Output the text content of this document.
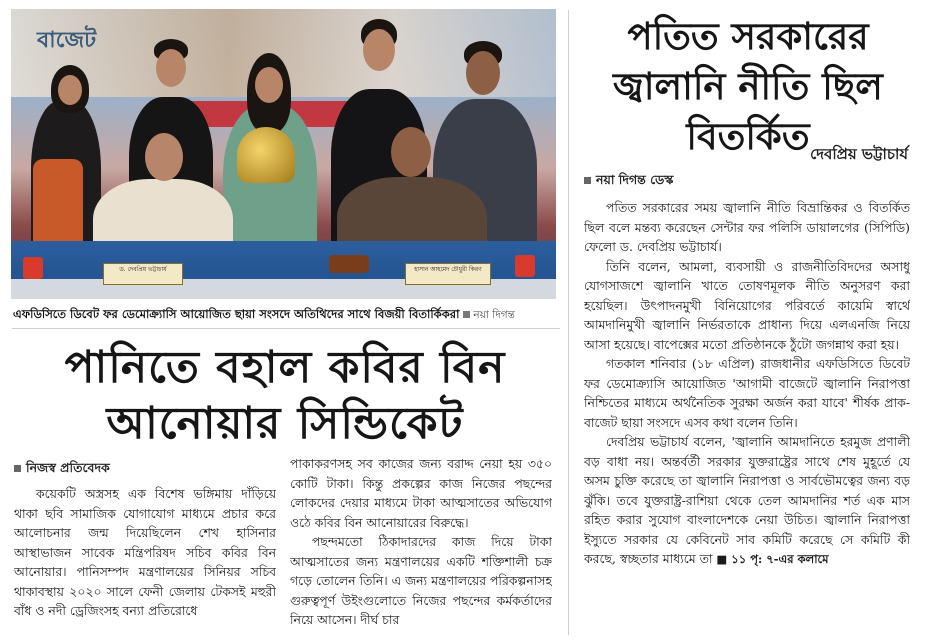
বাজেট
ড. দেবপ্রিয় ভট্টাচার্য	হাসান আহমেদ চৌধুরী কিরণ
এফডিসিতে ডিবেট ফর ডেমোক্র্যাসি আয়োজিত ছায়া সংসদে অতিথিদের সাথে বিজয়ী বিতার্কিকরা নয়া দিগন্ত
পানিতে বহাল কবির বিন
আনোয়ার সিন্ডিকেট
নিজস্ব প্রতিবেদক

কয়েকটি অস্ত্রসহ এক বিশেষ ভঙ্গিমায় দাঁড়িয়ে থাকা ছবি সামাজিক যোগাযোগ মাধ্যমে প্রচার করে আলোচনার জন্ম দিয়েছিলেন শেখ হাসিনার আস্থাভাজন সাবেক মন্ত্রিপরিষদ সচিব কবির বিন আনোয়ার। পানিসম্পদ মন্ত্রণালয়ের সিনিয়র সচিব থাকাবস্থায় ২০২০ সালে ফেনী জেলায় টেকসই মহুরী বাঁধ ও নদী ড্রেজিংসহ বন্যা প্রতিরোধে

পাকাকরণসহ সব কাজের জন্য বরাদ্দ নেয়া হয় ৩৫০ কোটি টাকা। কিন্তু প্রকল্পের কাজ নিজের পছন্দের লোকদের দেয়ার মাধ্যমে টাকা আত্মসাতের অভিযোগ ওঠে কবির বিন আনোয়ারের বিরুদ্ধে।

পছন্দমতো ঠিকাদারদের কাজ দিয়ে টাকা আত্মসাতের জন্য মন্ত্রণালয়ের একটি শক্তিশালী চক্র গড়ে তোলেন তিনি। এ জন্য মন্ত্রণালয়ের পরিকল্পনাসহ গুরুত্বপূর্ণ উইংগুলোতে নিজের পছন্দের কর্মকর্তাদের নিয়ে আসেন। দীর্ঘ চার

পতিত সরকারের
জ্বালানি নীতি ছিল
বিতর্কিত দেবপ্রিয় ভট্টাচার্য
নয়া দিগন্ত ডেস্ক

পতিত সরকারের সময় জ্বালানি নীতি বিভ্রান্তিকর ও বিতর্কিত ছিল বলে মন্তব্য করেছেন সেন্টার ফর পলিসি ডায়ালগের (সিপিডি) ফেলো ড. দেবপ্রিয় ভট্টাচার্য।

তিনি বলেন, আমলা, ব্যবসায়ী ও রাজনীতিবিদদের অসাধু যোগসাজশে জ্বালানি খাতে তোষণমূলক নীতি অনুসরণ করা হয়েছিল। উৎপাদনমুখী বিনিয়োগের পরিবর্তে কায়েমি স্বার্থে আমদানিমুখী জ্বালানি নির্ভরতাকে প্রাধান্য দিয়ে এলএনজি নিয়ে আসা হয়েছে। বাপেক্সের মতো প্রতিষ্ঠানকে ঠুঁটো জগন্নাথ করা হয়।

গতকাল শনিবার (১৮ এপ্রিল) রাজধানীর এফডিসিতে ডিবেট ফর ডেমোক্র্যাসি আয়োজিত 'আগামী বাজেটে জ্বালানি নিরাপত্তা নিশ্চিতের মাধ্যমে অর্থনৈতিক সুরক্ষা অর্জন করা যাবে' শীর্ষক প্রাক-বাজেট ছায়া সংসদে এসব কথা বলেন তিনি।

দেবপ্রিয় ভট্টাচার্য বলেন, 'জ্বালানি আমদানিতে হরমুজ প্রণালী বড় বাধা নয়। অন্তর্বর্তী সরকার যুক্তরাষ্ট্রের সাথে শেষ মুহূর্তে যে অসম চুক্তি করেছে তা জ্বালানি নিরাপত্তা ও সার্বভৌমত্বের জন্য বড় ঝুঁকি। তবে যুক্তরাষ্ট্র-রাশিয়া থেকে তেল আমদানির শর্ত এক মাস রহিত করার সুযোগ বাংলাদেশকে নেয়া উচিত। জ্বালানি নিরাপত্তা ইস্যুতে সরকার যে কেবিনেট সাব কমিটি করেছে সে কমিটি কী করছে, স্বচ্ছতার মাধ্যমে তা ■ ১১ পৃ: ৭-এর কলামে
